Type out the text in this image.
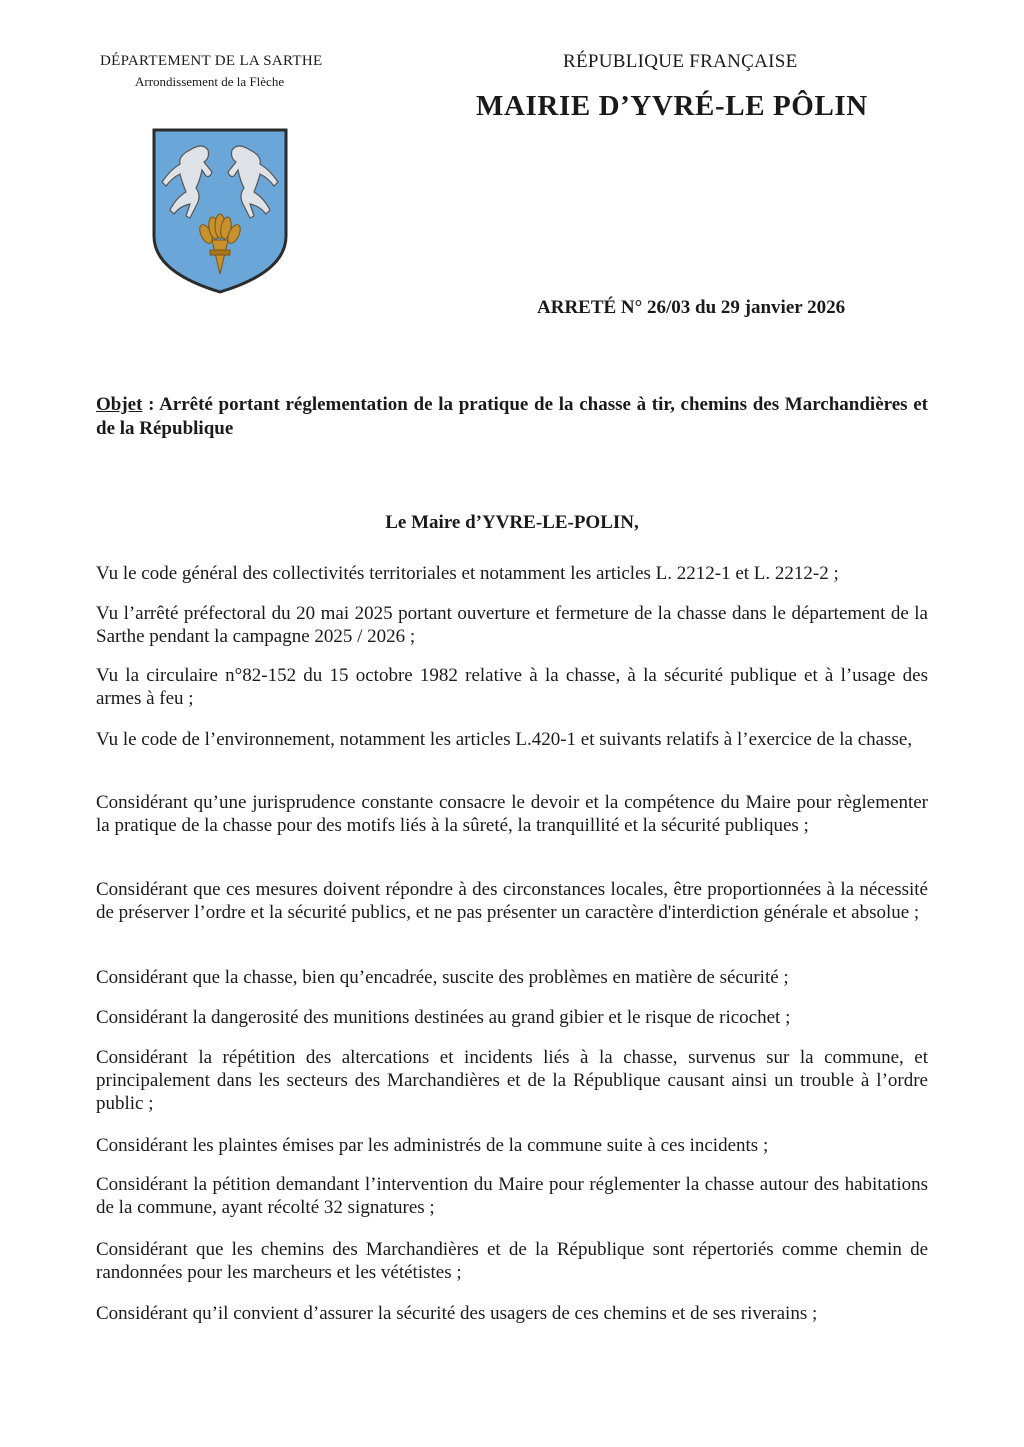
DÉPARTEMENT DE LA SARTHE
Arrondissement de la Flèche
RÉPUBLIQUE FRANÇAISE
MAIRIE D’YVRÉ-LE PÔLIN
ARRETÉ N° 26/03 du 29 janvier 2026
Objet : Arrêté portant réglementation de la pratique de la chasse à tir, chemins des Marchandières et de la République
Le Maire d’YVRE-LE-POLIN,
Vu le code général des collectivités territoriales et notamment les articles L. 2212-1 et L. 2212-2 ;
Vu l’arrêté préfectoral du 20 mai 2025 portant ouverture et fermeture de la chasse dans le département de la Sarthe pendant la campagne 2025 / 2026 ;
Vu la circulaire n°82-152 du 15 octobre 1982 relative à la chasse, à la sécurité publique et à l’usage des armes à feu ;
Vu le code de l’environnement, notamment les articles L.420-1 et suivants relatifs à l’exercice de la chasse,
Considérant qu’une jurisprudence constante consacre le devoir et la compétence du Maire pour règlementer la pratique de la chasse pour des motifs liés à la sûreté, la tranquillité et la sécurité publiques ;
Considérant que ces mesures doivent répondre à des circonstances locales, être proportionnées à la nécessité de préserver l’ordre et la sécurité publics, et ne pas présenter un caractère d'interdiction générale et absolue ;
Considérant que la chasse, bien qu’encadrée, suscite des problèmes en matière de sécurité ;
Considérant la dangerosité des munitions destinées au grand gibier et le risque de ricochet ;
Considérant la répétition des altercations et incidents liés à la chasse, survenus sur la commune, et principalement dans les secteurs des Marchandières et de la République causant ainsi un trouble à l’ordre public ;
Considérant les plaintes émises par les administrés de la commune suite à ces incidents ;
Considérant la pétition demandant l’intervention du Maire pour réglementer la chasse autour des habitations de la commune, ayant récolté 32 signatures ;
Considérant que les chemins des Marchandières et de la République sont répertoriés comme chemin de randonnées pour les marcheurs et les vététistes ;
Considérant qu’il convient d’assurer la sécurité des usagers de ces chemins et de ses riverains ;
